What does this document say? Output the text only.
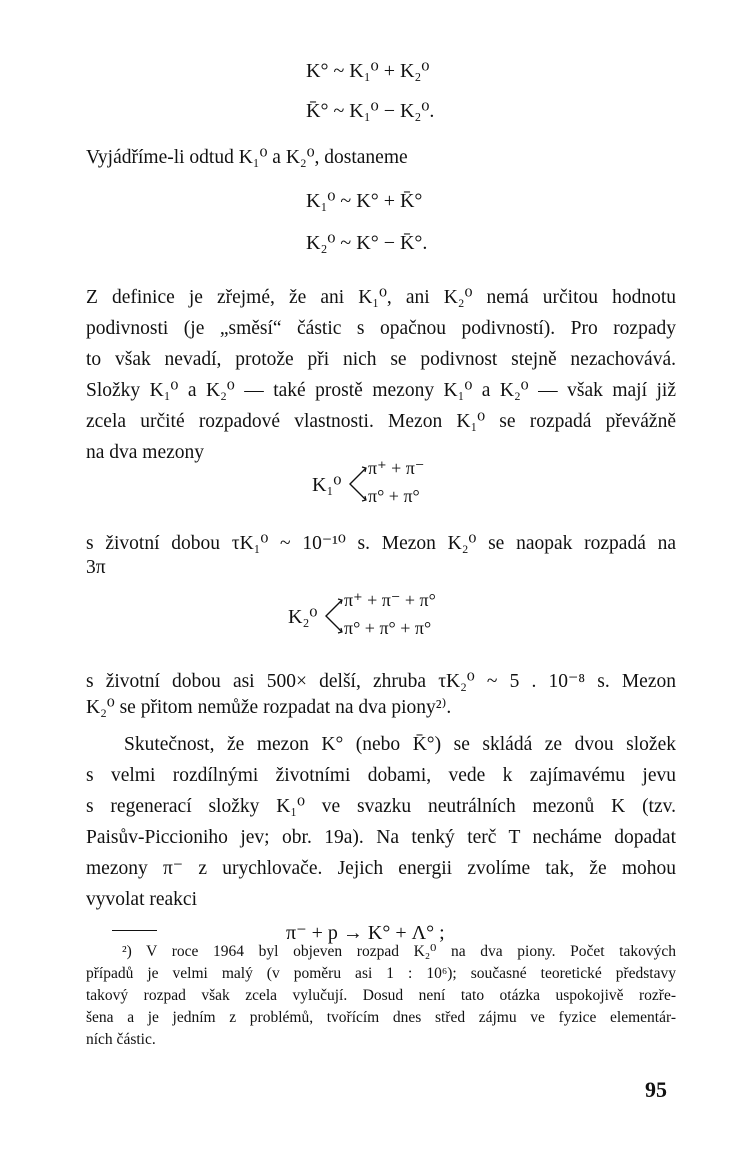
K° ~ K₁⁰ + K₂⁰
K̄° ~ K₁⁰ − K₂⁰.
Vyjádříme-li odtud K₁⁰ a K₂⁰, dostaneme
K₁⁰ ~ K° + K̄°
K₂⁰ ~ K° − K̄°.
Z definice je zřejmé, že ani K₁⁰, ani K₂⁰ nemá určitou hodnotu
podivnosti (je „směsí“ částic s opačnou podivností). Pro rozpady
to však nevadí, protože při nich se podivnost stejně nezachovává.
Složky K₁⁰ a K₂⁰ — také prostě mezony K₁⁰ a K₂⁰ — však mají již
zcela určité rozpadové vlastnosti. Mezon K₁⁰ se rozpadá převážně
na dva mezony
K₁⁰
π⁺ + π⁻
π° + π°
s životní dobou τK₁⁰ ~ 10⁻¹⁰ s. Mezon K₂⁰ se naopak rozpadá na
3π
K₂⁰
π⁺ + π⁻ + π°
π° + π° + π°
s životní dobou asi 500× delší, zhruba τK₂⁰ ~ 5 . 10⁻⁸ s. Mezon
K₂⁰ se přitom nemůže rozpadat na dva piony²⁾.
Skutečnost, že mezon K° (nebo K̄°) se skládá ze dvou složek
s velmi rozdílnými životními dobami, vede k zajímavému jevu
s regenerací složky K₁⁰ ve svazku neutrálních mezonů K (tzv.
Paisův-Piccioniho jev; obr. 19a). Na tenký terč T necháme dopadat
mezony π⁻ z urychlovače. Jejich energii zvolíme tak, že mohou
vyvolat reakci
π⁻ + p → K° + Λ° ;
²) V roce 1964 byl objeven rozpad K₂⁰ na dva piony. Počet takových
případů je velmi malý (v poměru asi 1 : 10⁶); současné teoretické představy
takový rozpad však zcela vylučují. Dosud není tato otázka uspokojivě rozře-
šena a je jedním z problémů, tvořícím dnes střed zájmu ve fyzice elementár-
ních částic.
95
